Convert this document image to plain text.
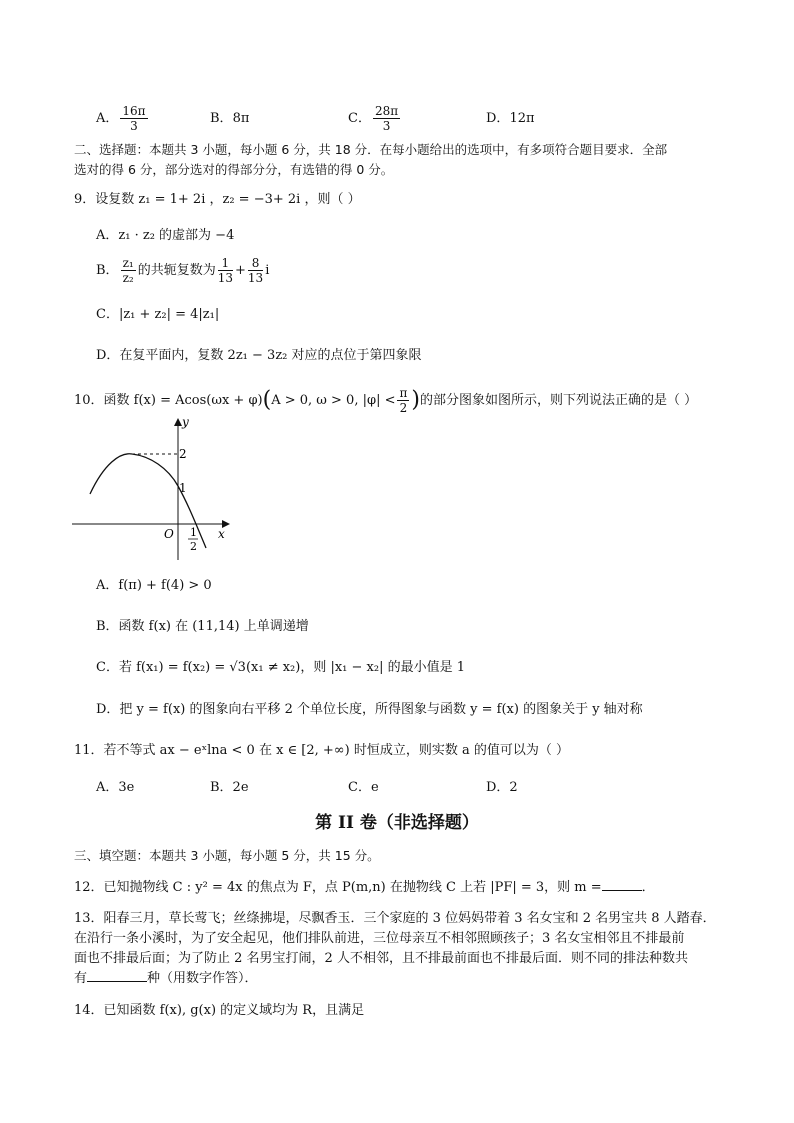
A． $\frac{16\pi}{3}$	B．8π	C． $\frac{28\pi}{3}$	D．12π
二、选择题：本题共 3 小题，每小题 6 分，共 18 分．在每小题给出的选项中，有多项符合题目要求．全部
选对的得 6 分，部分选对的得部分分，有选错的得 0 分。
9．设复数 z₁ = 1+ 2i ，z₂ = −3+ 2i ，则（ ）
A．z₁ · z₂ 的虚部为 −4
B． $\frac{\text{z₁}}{\text{z₂}}$ 的共轭复数为 $\frac{1}{13} + \frac{8}{13}$ i
C．|z₁ + z₂| = 4|z₁|
D．在复平面内，复数 2z₁ − 3z₂ 对应的点位于第四象限
10．函数 f(x) = Acos(ωx + φ)(A > 0, ω > 0, $|\varphi| < \frac{\pi}{2}$ )的部分图象如图所示，则下列说法正确的是（ ）
y
x
O
2
1
1
2
A．f(π) + f(4) > 0
B．函数 f(x) 在 (11,14) 上单调递增
C．若 f(x₁) = f(x₂) = √3(x₁ ≠ x₂)，则 |x₁ − x₂| 的最小值是 1
D．把 y = f(x) 的图象向右平移 2 个单位长度，所得图象与函数 y = f(x) 的图象关于 y 轴对称
11．若不等式 ax − eˣlna < 0 在 x ∈ [2, +∞) 时恒成立，则实数 a 的值可以为（ ）
A．3e	B．2e	C．e	D．2
第 II 卷（非选择题）
三、填空题：本题共 3 小题，每小题 5 分，共 15 分。
12．已知抛物线 C : y² = 4x 的焦点为 F，点 P(m,n) 在抛物线 C 上若 |PF| = 3，则 m =	．
13．阳春三月，草长莺飞；丝绦拂堤，尽飘香玉．三个家庭的 3 位妈妈带着 3 名女宝和 2 名男宝共 8 人踏春．
在沿行一条小溪时，为了安全起见，他们排队前进，三位母亲互不相邻照顾孩子；3 名女宝相邻且不排最前
面也不排最后面；为了防止 2 名男宝打闹，2 人不相邻，且不排最前面也不排最后面．则不同的排法种数共
有	种（用数字作答）．
14．已知函数 f(x), g(x) 的定义域均为 R，且满足
